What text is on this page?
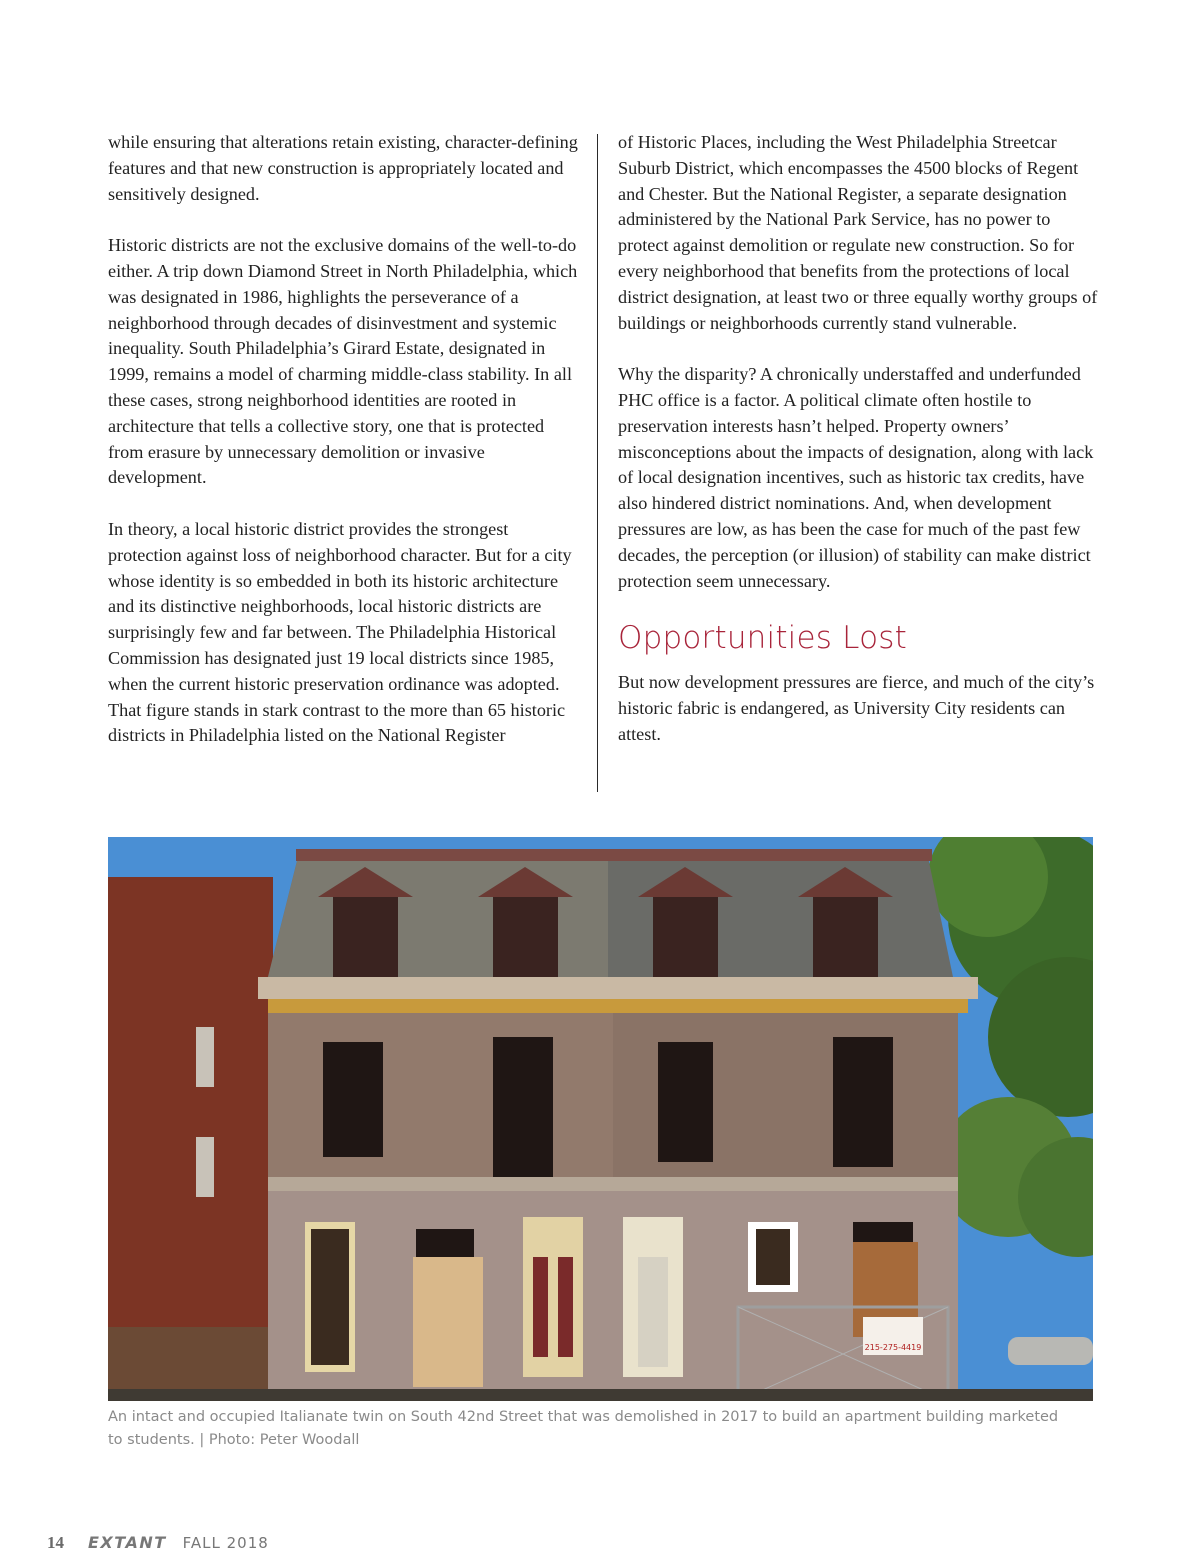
while ensuring that alterations retain existing, character-defining features and that new construction is appropriately located and sensitively designed.

Historic districts are not the exclusive domains of the well-to-do either. A trip down Diamond Street in North Philadelphia, which was designated in 1986, highlights the perseverance of a neighborhood through decades of disinvestment and systemic inequality. South Philadelphia’s Girard Estate, designated in 1999, remains a model of charming middle-class stability. In all these cases, strong neighborhood identities are rooted in architecture that tells a collective story, one that is protected from erasure by unnecessary demolition or invasive development.

In theory, a local historic district provides the strongest protection against loss of neighborhood character. But for a city whose identity is so embedded in both its historic architecture and its distinctive neighborhoods, local historic districts are surprisingly few and far between. The Philadelphia Historical Commission has designated just 19 local districts since 1985, when the current historic preservation ordinance was adopted. That figure stands in stark contrast to the more than 65 historic districts in Philadelphia listed on the National Register

of Historic Places, including the West Philadelphia Streetcar Suburb District, which encompasses the 4500 blocks of Regent and Chester. But the National Register, a separate designation administered by the National Park Service, has no power to protect against demolition or regulate new construction. So for every neighborhood that benefits from the protections of local district designation, at least two or three equally worthy groups of buildings or neighborhoods currently stand vulnerable.

Why the disparity? A chronically understaffed and underfunded PHC office is a factor. A political climate often hostile to preservation interests hasn’t helped. Property owners’ misconceptions about the impacts of designation, along with lack of local designation incentives, such as historic tax credits, have also hindered district nominations. And, when development pressures are low, as has been the case for much of the past few decades, the perception (or illusion) of stability can make district protection seem unnecessary.

Opportunities Lost

But now development pressures are fierce, and much of the city’s historic fabric is endangered, as University City residents can attest.

215-275-4419
An intact and occupied Italianate twin on South 42nd Street that was demolished in 2017 to build an apartment building marketed to students. | Photo: Peter Woodall
14 EXTANT FALL 2018
